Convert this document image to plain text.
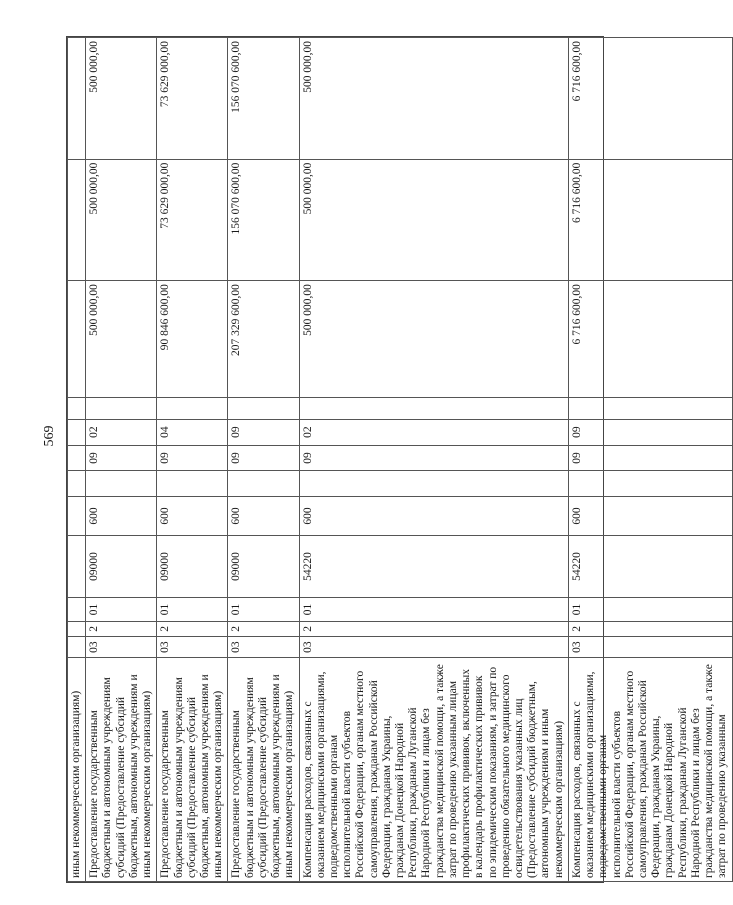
569
иным некоммерческим организациям)												
Предоставление государственным бюджетным и автономным учреждениям субсидий (Предоставление субсидий бюджетным, автономным учреждениям и иным некоммерческим организациям)	03	2	01	09000	600		09	02		500 000,00	500 000,00	500 000,00
Предоставление государственным бюджетным и автономным учреждениям субсидий (Предоставление субсидий бюджетным, автономным учреждениям и иным некоммерческим организациям)	03	2	01	09000	600		09	04		90 846 600,00	73 629 000,00	73 629 000,00
Предоставление государственным бюджетным и автономным учреждениям субсидий (Предоставление субсидий бюджетным, автономным учреждениям и иным некоммерческим организациям)	03	2	01	09000	600		09	09		207 329 600,00	156 070 600,00	156 070 600,00
Компенсация расходов, связанных с оказанием медицинскими организациями, подведомственными органам исполнительной власти субъектов Российской Федерации, органам местного самоуправления, гражданам Российской Федерации, гражданам Украины, гражданам Донецкой Народной Республики, гражданам Луганской Народной Республики и лицам без гражданства медицинской помощи, а также затрат по проведению указанным лицам профилактических прививок, включенных в календарь профилактических прививок по эпидемическим показаниям, и затрат по проведению обязательного медицинского освидетельствования указанных лиц (Предоставление субсидий бюджетным, автономным учреждениям и иным некоммерческим организациям)	03	2	01	54220	600		09	02		500 000,00	500 000,00	500 000,00
Компенсация расходов, связанных с оказанием медицинскими организациями, подведомственными органам исполнительной власти субъектов Российской Федерации, органам местного самоуправления, гражданам Российской Федерации, гражданам Украины, гражданам Донецкой Народной Республики, гражданам Луганской Народной Республики и лицам без гражданства медицинской помощи, а также затрат по проведению указанным	03	2	01	54220	600		09	09		6 716 600,00	6 716 600,00	6 716 600,00
